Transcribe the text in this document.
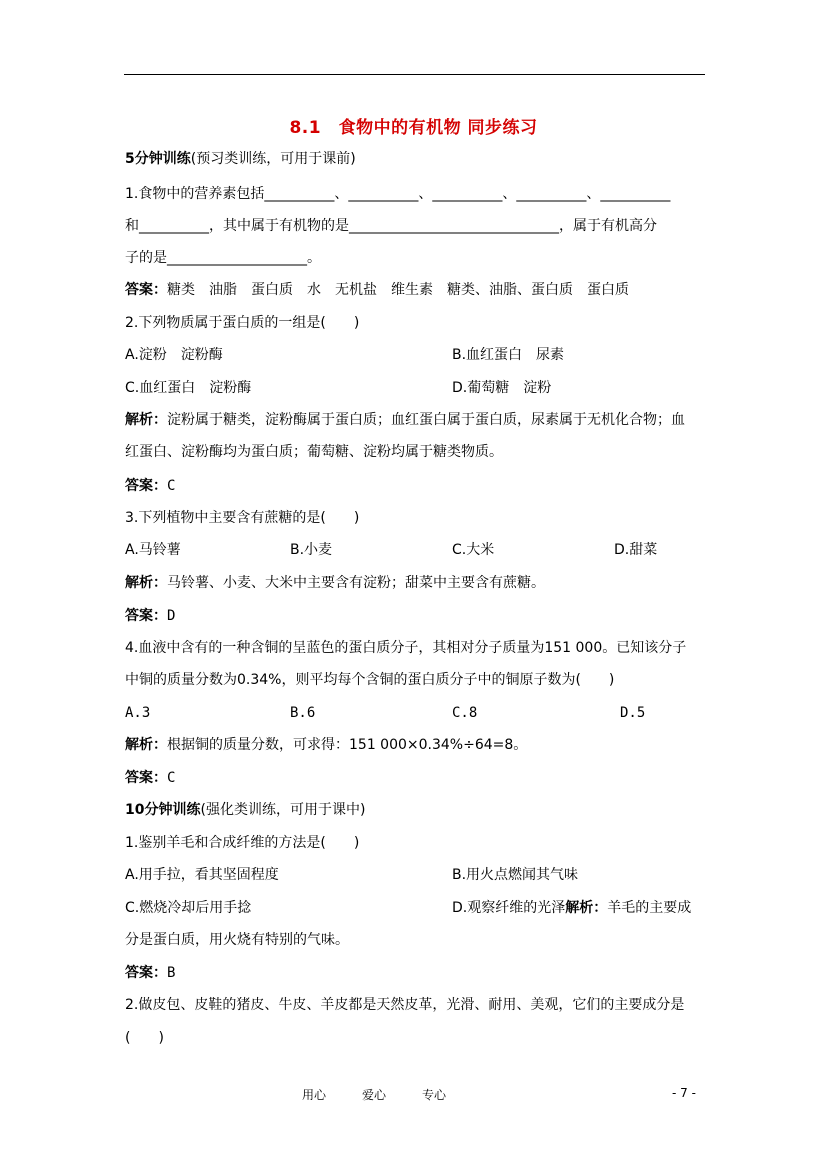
8.1　食物中的有机物 同步练习
5分钟训练(预习类训练，可用于课前)
1.食物中的营养素包括__________、__________、__________、__________、__________
和__________，其中属于有机物的是______________________________，属于有机高分
子的是____________________。
答案：糖类　油脂　蛋白质　水　无机盐　维生素　糖类、油脂、蛋白质　蛋白质
2.下列物质属于蛋白质的一组是(　　)
A.淀粉　淀粉酶	B.血红蛋白　尿素
C.血红蛋白　淀粉酶	D.葡萄糖　淀粉
解析：淀粉属于糖类，淀粉酶属于蛋白质；血红蛋白属于蛋白质，尿素属于无机化合物；血
红蛋白、淀粉酶均为蛋白质；葡萄糖、淀粉均属于糖类物质。
答案：C
3.下列植物中主要含有蔗糖的是(　　)
A.马铃薯	B.小麦	C.大米	D.甜菜
解析：马铃薯、小麦、大米中主要含有淀粉；甜菜中主要含有蔗糖。
答案：D
4.血液中含有的一种含铜的呈蓝色的蛋白质分子，其相对分子质量为151 000。已知该分子
中铜的质量分数为0.34%，则平均每个含铜的蛋白质分子中的铜原子数为(　　)
A.3	B.6	C.8	D.5
解析：根据铜的质量分数，可求得：151 000×0.34%÷64=8。
答案：C
10分钟训练(强化类训练，可用于课中)
1.鉴别羊毛和合成纤维的方法是(　　)
A.用手拉，看其坚固程度	B.用火点燃闻其气味
C.燃烧冷却后用手捻	D.观察纤维的光泽解析：羊毛的主要成
分是蛋白质，用火烧有特别的气味。
答案：B
2.做皮包、皮鞋的猪皮、牛皮、羊皮都是天然皮革，光滑、耐用、美观，它们的主要成分是
(　　)
用心　　　爱心　　　专心	- 7 -
